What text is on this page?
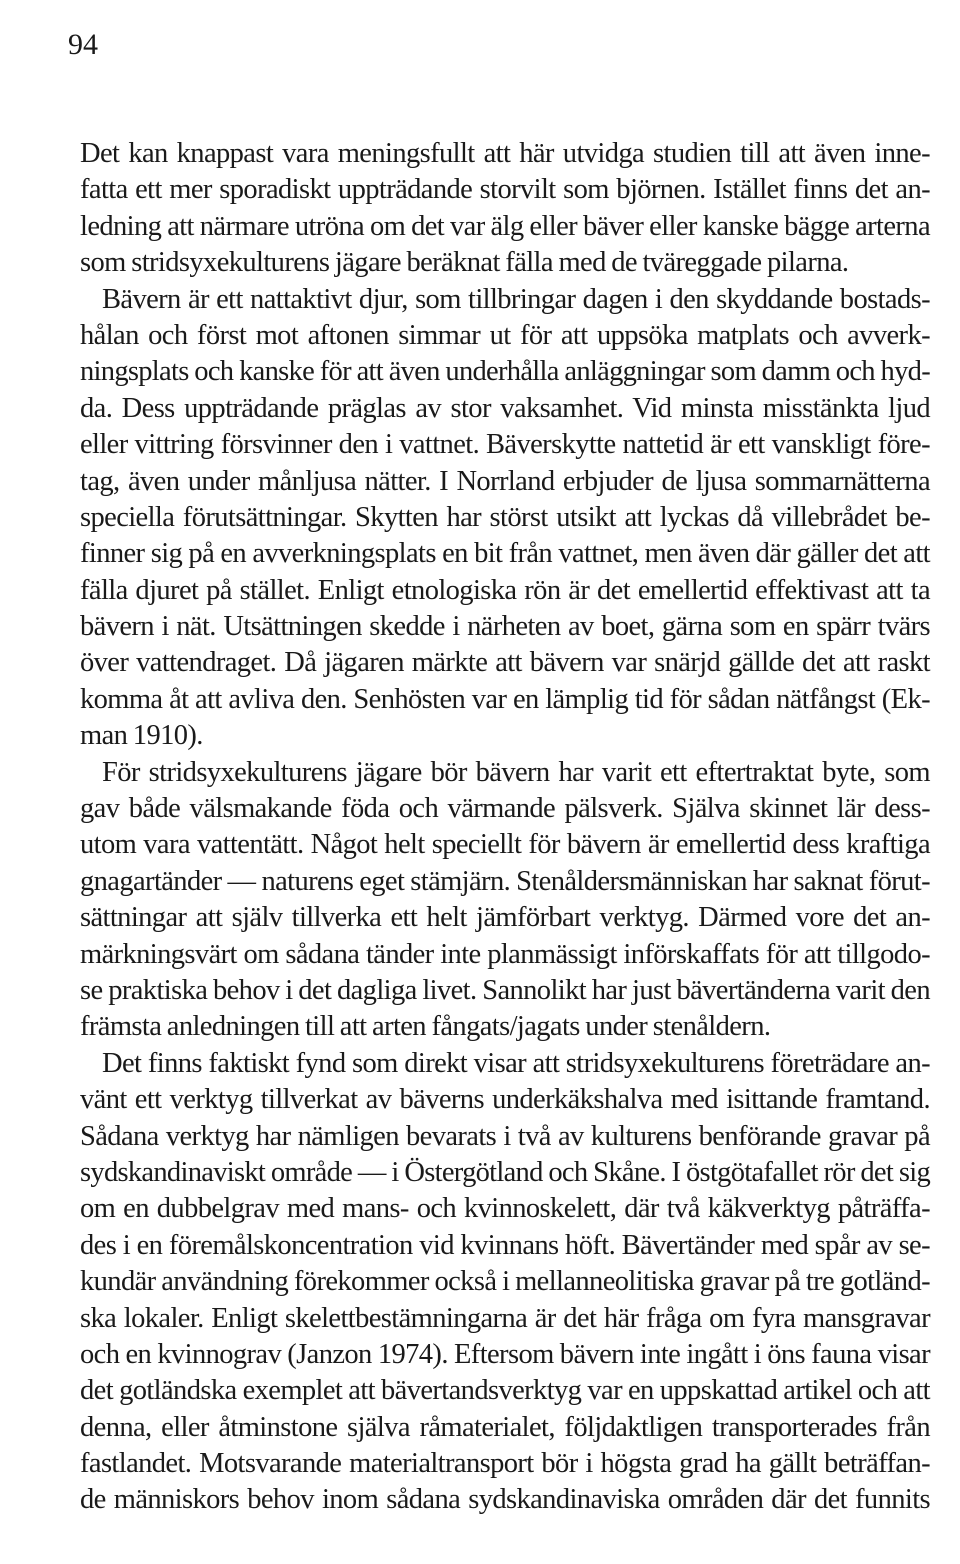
94
Det kan knappast vara meningsfullt att här utvidga studien till att även inne-
fatta ett mer sporadiskt uppträdande storvilt som björnen. Istället finns det an-
ledning att närmare utröna om det var älg eller bäver eller kanske bägge arterna
som stridsyxekulturens jägare beräknat fälla med de tväreggade pilarna.
Bävern är ett nattaktivt djur, som tillbringar dagen i den skyddande bostads-
hålan och först mot aftonen simmar ut för att uppsöka matplats och avverk-
ningsplats och kanske för att även underhålla anläggningar som damm och hyd-
da. Dess uppträdande präglas av stor vaksamhet. Vid minsta misstänkta ljud
eller vittring försvinner den i vattnet. Bäverskytte nattetid är ett vanskligt före-
tag, även under månljusa nätter. I Norrland erbjuder de ljusa sommarnätterna
speciella förutsättningar. Skytten har störst utsikt att lyckas då villebrådet be-
finner sig på en avverkningsplats en bit från vattnet, men även där gäller det att
fälla djuret på stället. Enligt etnologiska rön är det emellertid effektivast att ta
bävern i nät. Utsättningen skedde i närheten av boet, gärna som en spärr tvärs
över vattendraget. Då jägaren märkte att bävern var snärjd gällde det att raskt
komma åt att avliva den. Senhösten var en lämplig tid för sådan nätfångst (Ek-
man 1910).
För stridsyxekulturens jägare bör bävern har varit ett eftertraktat byte, som
gav både välsmakande föda och värmande pälsverk. Själva skinnet lär dess-
utom vara vattentätt. Något helt speciellt för bävern är emellertid dess kraftiga
gnagartänder — naturens eget stämjärn. Stenåldersmänniskan har saknat förut-
sättningar att själv tillverka ett helt jämförbart verktyg. Därmed vore det an-
märkningsvärt om sådana tänder inte planmässigt införskaffats för att tillgodo-
se praktiska behov i det dagliga livet. Sannolikt har just bävertänderna varit den
främsta anledningen till att arten fångats/jagats under stenåldern.
Det finns faktiskt fynd som direkt visar att stridsyxekulturens företrädare an-
vänt ett verktyg tillverkat av bäverns underkäkshalva med isittande framtand.
Sådana verktyg har nämligen bevarats i två av kulturens benförande gravar på
sydskandinaviskt område — i Östergötland och Skåne. I östgötafallet rör det sig
om en dubbelgrav med mans- och kvinnoskelett, där två käkverktyg påträffa-
des i en föremålskoncentration vid kvinnans höft. Bävertänder med spår av se-
kundär användning förekommer också i mellanneolitiska gravar på tre gotländ-
ska lokaler. Enligt skelettbestämningarna är det här fråga om fyra mansgravar
och en kvinnograv (Janzon 1974). Eftersom bävern inte ingått i öns fauna visar
det gotländska exemplet att bävertandsverktyg var en uppskattad artikel och att
denna, eller åtminstone själva råmaterialet, följdaktligen transporterades från
fastlandet. Motsvarande materialtransport bör i högsta grad ha gällt beträffan-
de människors behov inom sådana sydskandinaviska områden där det funnits
